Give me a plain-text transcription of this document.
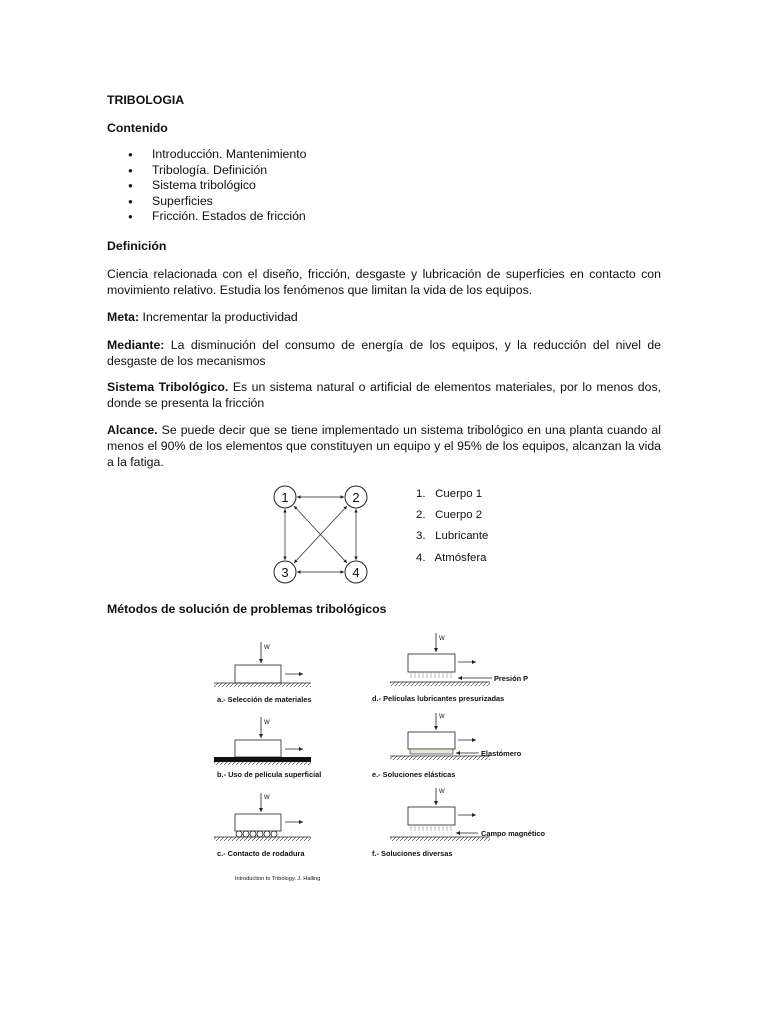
TRIBOLOGIA

Contenido

● Introducción. Mantenimiento
● Tribología. Definición
● Sistema tribológico
● Superficies
● Fricción. Estados de fricción

Definición

Ciencia relacionada con el diseño, fricción, desgaste y lubricación de superficies en contacto con movimiento relativo. Estudia los fenómenos que limitan la vida de los equipos.

Meta: Incrementar la productividad

Mediante: La disminución del consumo de energía de los equipos, y la reducción del nivel de desgaste de los mecanismos

Sistema Tribológico. Es un sistema natural o artificial de elementos materiales, por lo menos dos, donde se presenta la fricción

Alcance. Se puede decir que se tiene implementado un sistema tribológico en una planta cuando al menos el 90% de los elementos que constituyen un equipo y el 95% de los equipos, alcanzan la vida a la fatiga.

1	2
3	4
1. Cuerpo 1
2. Cuerpo 2
3. Lubricante
4. Atmósfera

Métodos de solución de problemas tribológicos

W
a.- Selección de materiales
W
b.- Uso de película superficial
W
c.- Contacto de rodadura
W
Presión P
d.- Películas lubricantes presurizadas
W
Elastómero
e.- Soluciones elásticas
W
Campo magnético
f.- Soluciones diversas
Introduction to Tribology. J. Halling
